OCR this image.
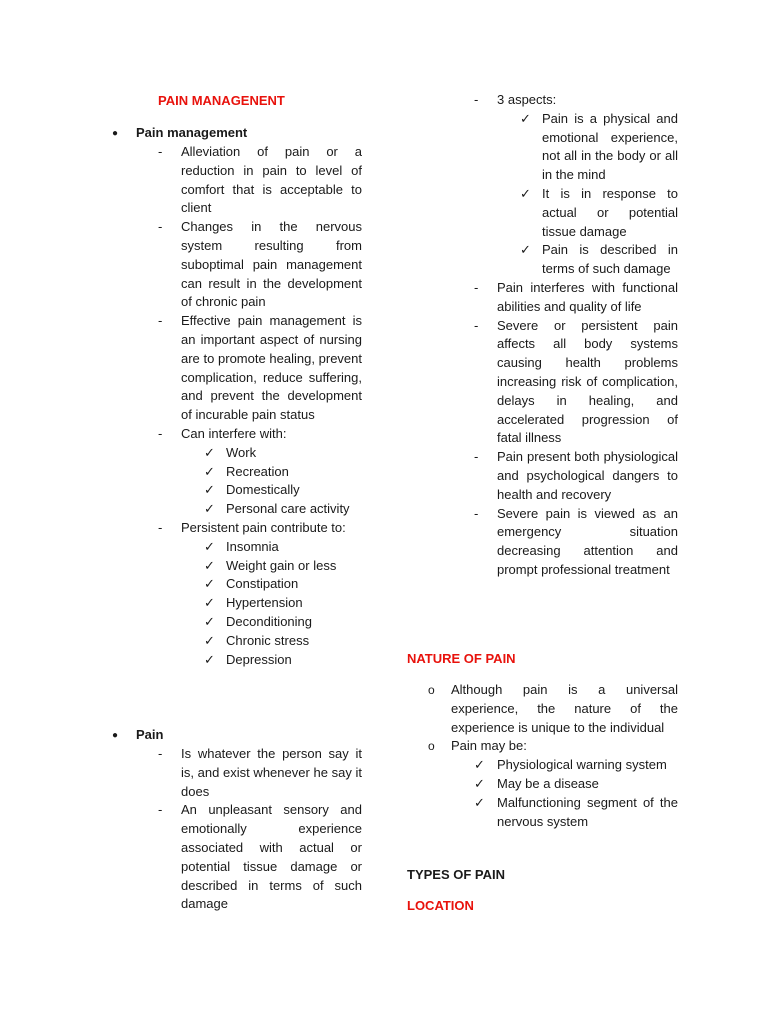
PAIN MANAGENENT
● Pain management
- Alleviation of pain or a reduction in pain to level of comfort that is acceptable to client
- Changes in the nervous system resulting from suboptimal pain management can result in the development of chronic pain
- Effective pain management is an important aspect of nursing are to promote healing, prevent complication, reduce suffering, and prevent the development of incurable pain status
- Can interfere with:
✓ Work
✓ Recreation
✓ Domestically
✓ Personal care activity
- Persistent pain contribute to:
✓ Insomnia
✓ Weight gain or less
✓ Constipation
✓ Hypertension
✓ Deconditioning
✓ Chronic stress
✓ Depression
● Pain
- Is whatever the person say it is, and exist whenever he say it does
- An unpleasant sensory and emotionally experience associated with actual or potential tissue damage or described in terms of such damage
- 3 aspects:
✓ Pain is a physical and emotional experience, not all in the body or all in the mind
✓ It is in response to actual or potential tissue damage
✓ Pain is described in terms of such damage
- Pain interferes with functional abilities and quality of life
- Severe or persistent pain affects all body systems causing health problems increasing risk of complication, delays in healing, and accelerated progression of fatal illness
- Pain present both physiological and psychological dangers to health and recovery
- Severe pain is viewed as an emergency situation decreasing attention and prompt professional treatment
NATURE OF PAIN
o Although pain is a universal experience, the nature of the experience is unique to the individual
o Pain may be:
✓ Physiological warning system
✓ May be a disease
✓ Malfunctioning segment of the nervous system
TYPES OF PAIN
LOCATION
